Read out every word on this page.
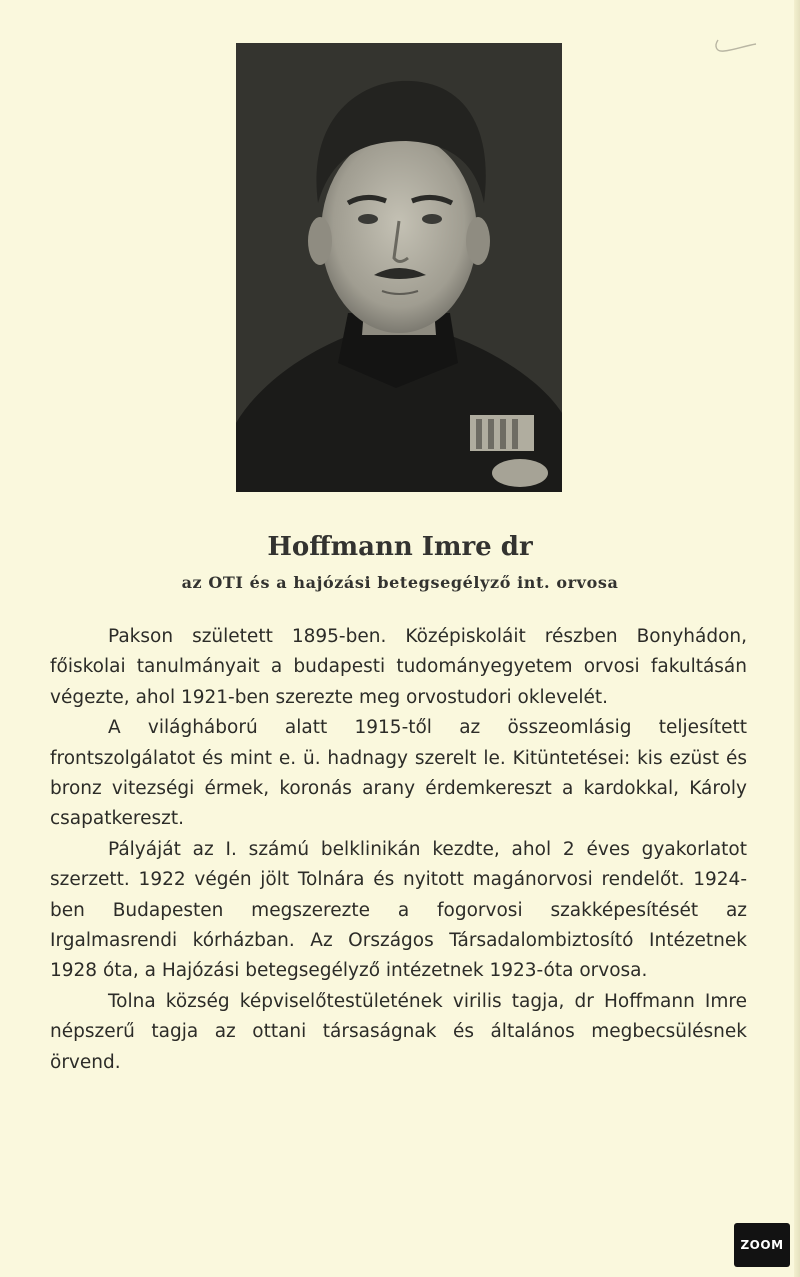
Hoffmann Imre dr
az OTI és a hajózási betegsegélyző int. orvosa

Pakson született 1895-ben. Középiskoláit részben Bonyhádon, főiskolai tanulmányait a budapesti tudományegyetem orvosi fakultásán végezte, ahol 1921-ben szerezte meg orvostudori oklevelét.

A világháború alatt 1915-től az összeomlásig teljesített frontszolgálatot és mint e. ü. hadnagy szerelt le. Kitüntetései: kis ezüst és bronz vitezségi érmek, koronás arany érdemkereszt a kardokkal, Károly csapatkereszt.

Pályáját az I. számú belklinikán kezdte, ahol 2 éves gyakorlatot szerzett. 1922 végén jölt Tolnára és nyitott magánorvosi rendelőt. 1924-ben Budapesten megszerezte a fogorvosi szakképesítését az Irgalmasrendi kórházban. Az Országos Társadalombiztosító Intézetnek 1928 óta, a Hajózási betegsegélyző intézetnek 1923-óta orvosa.

Tolna község képviselőtestületének virilis tagja, dr Hoffmann Imre népszerű tagja az ottani társaságnak és általános megbecsülésnek örvend.

ZOOM
